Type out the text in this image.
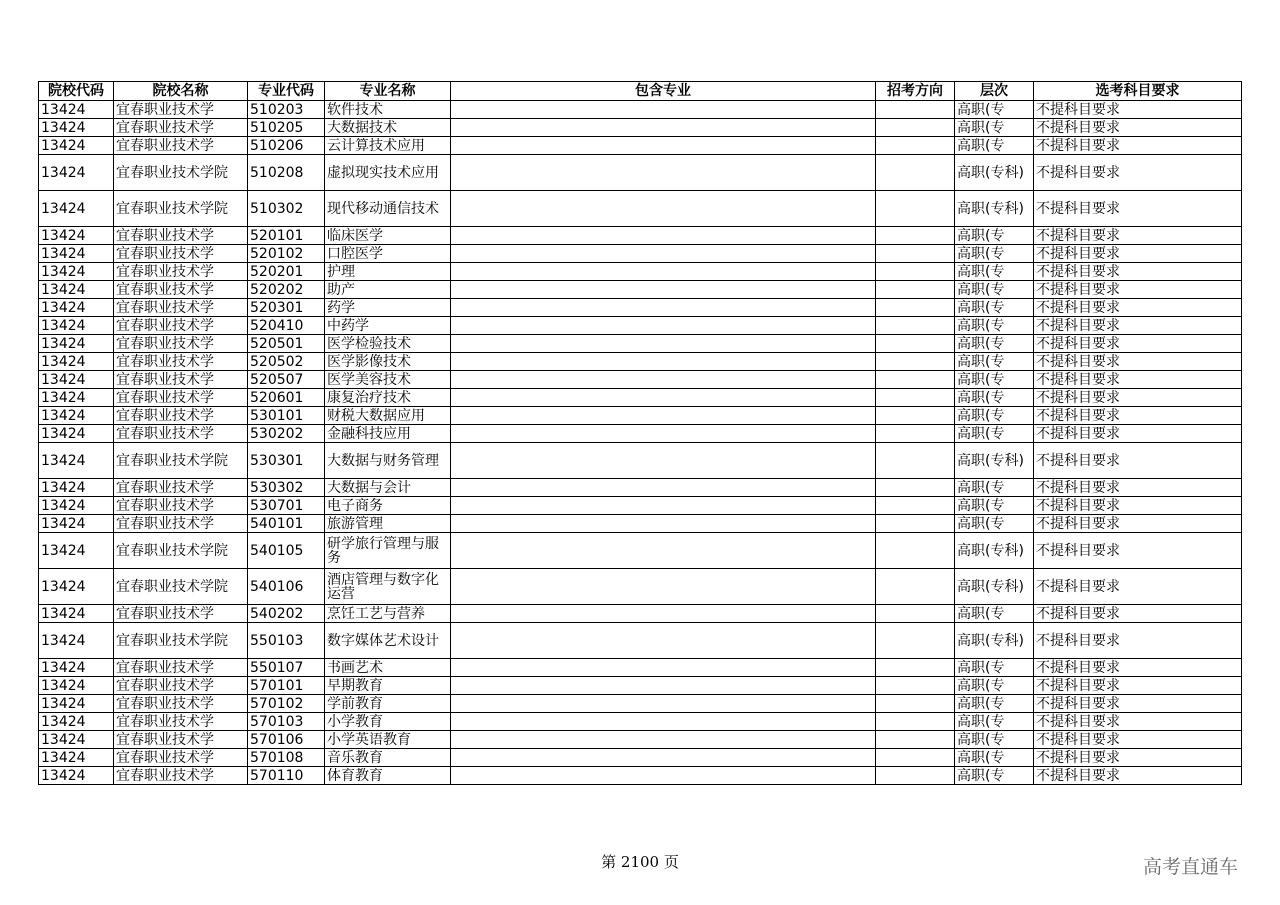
院校代码	院校名称	专业代码	专业名称	包含专业	招考方向	层次	选考科目要求
13424	宜春职业技术学	510203	软件技术			高职(专	不提科目要求
13424	宜春职业技术学	510205	大数据技术			高职(专	不提科目要求
13424	宜春职业技术学	510206	云计算技术应用			高职(专	不提科目要求
13424	宜春职业技术学院	510208	虚拟现实技术应用			高职(专科)	不提科目要求
13424	宜春职业技术学院	510302	现代移动通信技术			高职(专科)	不提科目要求
13424	宜春职业技术学	520101	临床医学			高职(专	不提科目要求
13424	宜春职业技术学	520102	口腔医学			高职(专	不提科目要求
13424	宜春职业技术学	520201	护理			高职(专	不提科目要求
13424	宜春职业技术学	520202	助产			高职(专	不提科目要求
13424	宜春职业技术学	520301	药学			高职(专	不提科目要求
13424	宜春职业技术学	520410	中药学			高职(专	不提科目要求
13424	宜春职业技术学	520501	医学检验技术			高职(专	不提科目要求
13424	宜春职业技术学	520502	医学影像技术			高职(专	不提科目要求
13424	宜春职业技术学	520507	医学美容技术			高职(专	不提科目要求
13424	宜春职业技术学	520601	康复治疗技术			高职(专	不提科目要求
13424	宜春职业技术学	530101	财税大数据应用			高职(专	不提科目要求
13424	宜春职业技术学	530202	金融科技应用			高职(专	不提科目要求
13424	宜春职业技术学院	530301	大数据与财务管理			高职(专科)	不提科目要求
13424	宜春职业技术学	530302	大数据与会计			高职(专	不提科目要求
13424	宜春职业技术学	530701	电子商务			高职(专	不提科目要求
13424	宜春职业技术学	540101	旅游管理			高职(专	不提科目要求
13424	宜春职业技术学院	540105	研学旅行管理与服务			高职(专科)	不提科目要求
13424	宜春职业技术学院	540106	酒店管理与数字化运营			高职(专科)	不提科目要求
13424	宜春职业技术学	540202	烹饪工艺与营养			高职(专	不提科目要求
13424	宜春职业技术学院	550103	数字媒体艺术设计			高职(专科)	不提科目要求
13424	宜春职业技术学	550107	书画艺术			高职(专	不提科目要求
13424	宜春职业技术学	570101	早期教育			高职(专	不提科目要求
13424	宜春职业技术学	570102	学前教育			高职(专	不提科目要求
13424	宜春职业技术学	570103	小学教育			高职(专	不提科目要求
13424	宜春职业技术学	570106	小学英语教育			高职(专	不提科目要求
13424	宜春职业技术学	570108	音乐教育			高职(专	不提科目要求
13424	宜春职业技术学	570110	体育教育			高职(专	不提科目要求
第 2100 页	高考直通车
